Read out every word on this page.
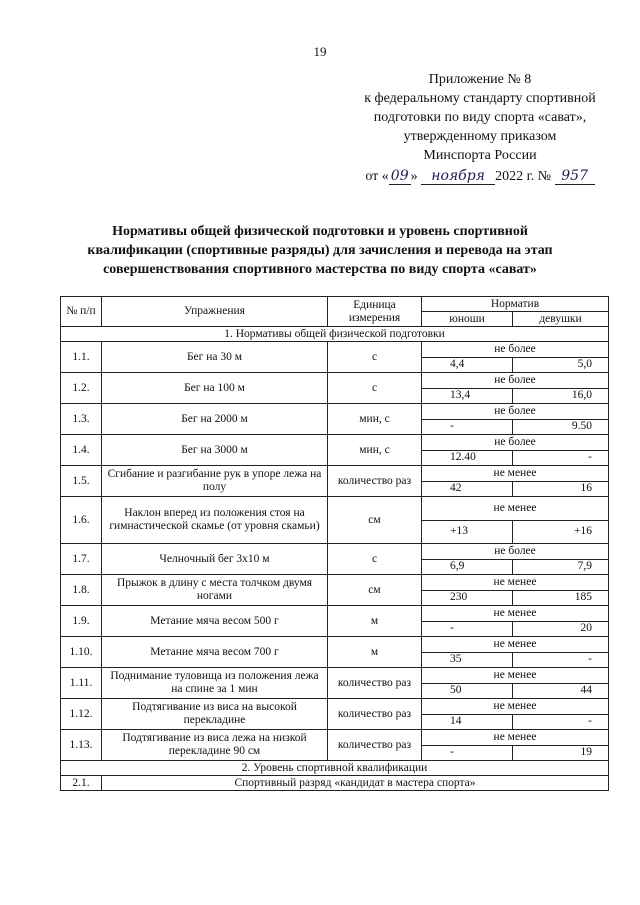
19
Приложение № 8
к федеральному стандарту спортивной
подготовки по виду спорта «сават»,
утвержденному приказом
Минспорта России
от « 09 » ноября 2022 г. № 957
Нормативы общей физической подготовки и уровень спортивной
квалификации (спортивные разряды) для зачисления и перевода на этап
совершенствования спортивного мастерства по виду спорта «сават»
№ п/п	Упражнения	Единица измерения	Норматив	
			юноши	девушки
1. Нормативы общей физической подготовки				
1.1.	Бег на 30 м	с	не более	
			4,4	5,0
1.2.	Бег на 100 м	с	не более	
			13,4	16,0
1.3.	Бег на 2000 м	мин, с	не более	
			-	9.50
1.4.	Бег на 3000 м	мин, с	не более	
			12.40	-
1.5.	Сгибание и разгибание рук в упоре лежа на полу	количество раз	не менее	
			42	16
1.6.	Наклон вперед из положения стоя на гимнастической скамье (от уровня скамьи)	см	не менее	
			+13	+16
1.7.	Челночный бег 3х10 м	с	не более	
			6,9	7,9
1.8.	Прыжок в длину с места толчком двумя ногами	см	не менее	
			230	185
1.9.	Метание мяча весом 500 г	м	не менее	
			-	20
1.10.	Метание мяча весом 700 г	м	не менее	
			35	-
1.11.	Поднимание туловища из положения лежа на спине за 1 мин	количество раз	не менее	
			50	44
1.12.	Подтягивание из виса на высокой перекладине	количество раз	не менее	
			14	-
1.13.	Подтягивание из виса лежа на низкой перекладине 90 см	количество раз	не менее	
			-	19
2. Уровень спортивной квалификации				
2.1.	Спортивный разряд «кандидат в мастера спорта»			
